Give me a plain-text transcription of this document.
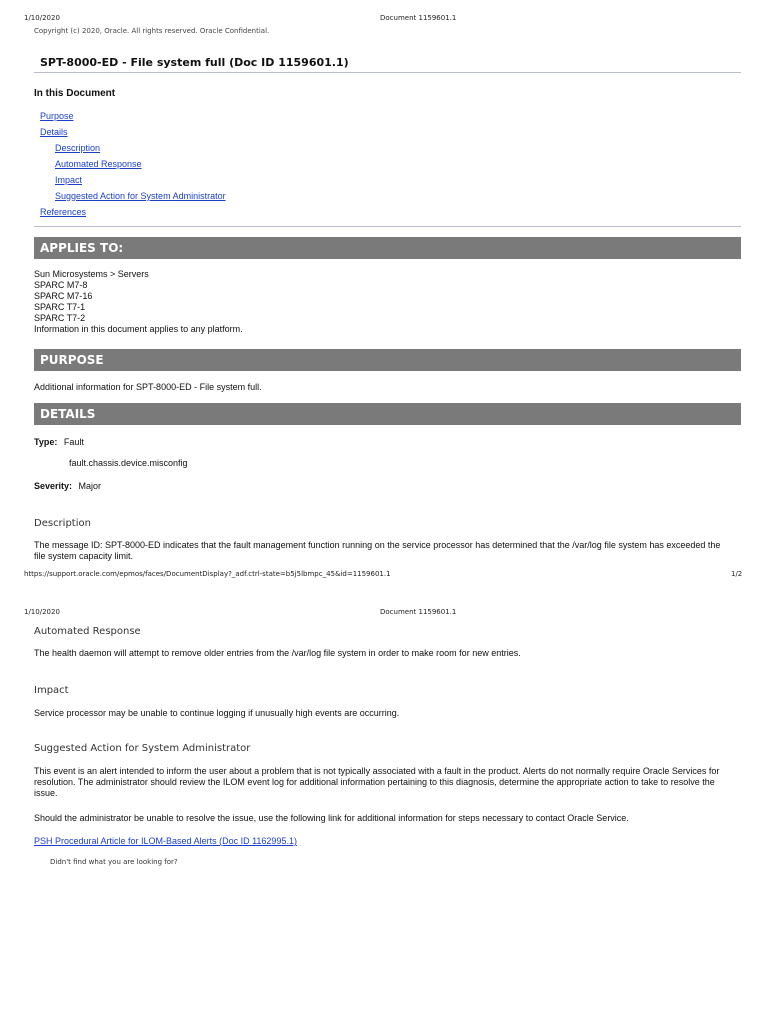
1/10/2020	Document 1159601.1
Copyright (c) 2020, Oracle. All rights reserved. Oracle Confidential.
SPT-8000-ED - File system full (Doc ID 1159601.1)
In this Document
Purpose
Details
Description
Automated Response
Impact
Suggested Action for System Administrator
References
APPLIES TO:
Sun Microsystems > Servers
SPARC M7-8
SPARC M7-16
SPARC T7-1
SPARC T7-2
Information in this document applies to any platform.
PURPOSE
Additional information for SPT-8000-ED - File system full.
DETAILS
Type: Fault
fault.chassis.device.misconfig
Severity: Major
Description
The message ID: SPT-8000-ED indicates that the fault management function running on the service processor has determined that the /var/log file system has exceeded the file system capacity limit.
https://support.oracle.com/epmos/faces/DocumentDisplay?_adf.ctrl-state=b5j5lbmpc_45&id=1159601.1	1/2
1/10/2020	Document 1159601.1
Automated Response
The health daemon will attempt to remove older entries from the /var/log file system in order to make room for new entries.
Impact
Service processor may be unable to continue logging if unusually high events are occurring.
Suggested Action for System Administrator
This event is an alert intended to inform the user about a problem that is not typically associated with a fault in the product. Alerts do not normally require Oracle Services for resolution. The administrator should review the ILOM event log for additional information pertaining to this diagnosis, determine the appropriate action to take to resolve the issue.
Should the administrator be unable to resolve the issue, use the following link for additional information for steps necessary to contact Oracle Service.
PSH Procedural Article for ILOM-Based Alerts (Doc ID 1162995.1)
Didn't find what you are looking for?
